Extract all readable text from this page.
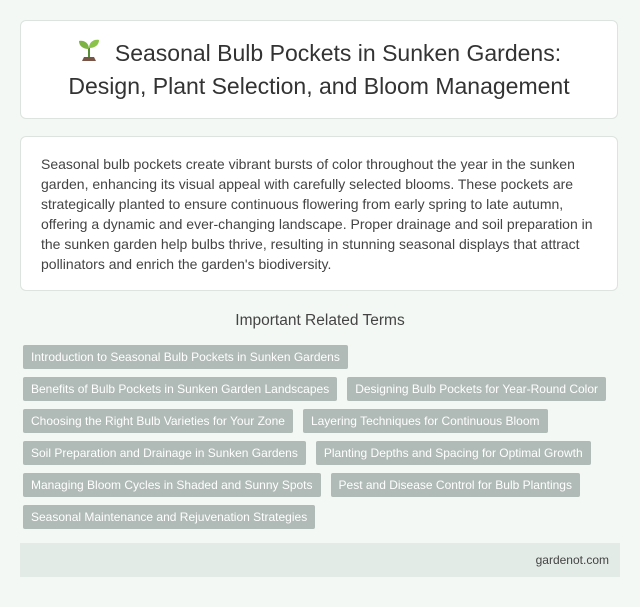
Seasonal Bulb Pockets in Sunken Gardens: Design, Plant Selection, and Bloom Management

Seasonal bulb pockets create vibrant bursts of color throughout the year in the sunken garden, enhancing its visual appeal with carefully selected blooms. These pockets are strategically planted to ensure continuous flowering from early spring to late autumn, offering a dynamic and ever-changing landscape. Proper drainage and soil preparation in the sunken garden help bulbs thrive, resulting in stunning seasonal displays that attract pollinators and enrich the garden's biodiversity.

Important Related Terms
Introduction to Seasonal Bulb Pockets in Sunken Gardens
Benefits of Bulb Pockets in Sunken Garden Landscapes	Designing Bulb Pockets for Year-Round Color
Choosing the Right Bulb Varieties for Your Zone	Layering Techniques for Continuous Bloom
Soil Preparation and Drainage in Sunken Gardens	Planting Depths and Spacing for Optimal Growth
Managing Bloom Cycles in Shaded and Sunny Spots	Pest and Disease Control for Bulb Plantings
Seasonal Maintenance and Rejuvenation Strategies
gardenot.com
